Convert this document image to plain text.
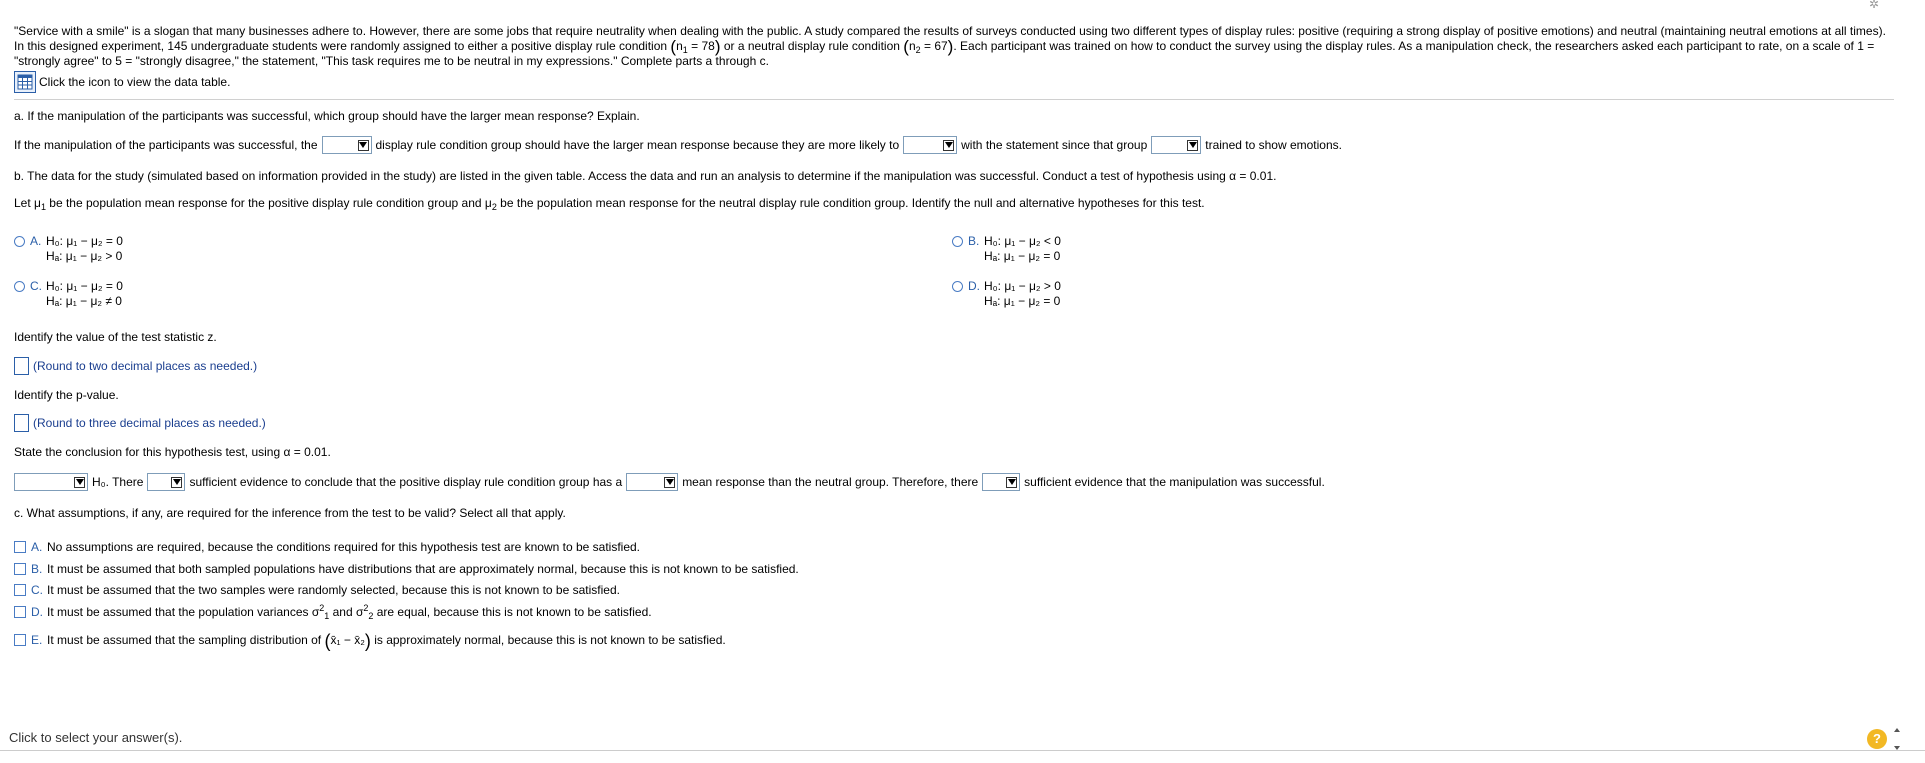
✲

"Service with a smile" is a slogan that many businesses adhere to. However, there are some jobs that require neutrality when dealing with the public. A study compared the results of surveys conducted using two different types of display rules: positive (requiring a strong display of positive emotions) and neutral (maintaining neutral emotions at all times). In this designed experiment, 145 undergraduate students were randomly assigned to either a positive display rule condition $(n_1 = 78)$ or a neutral display rule condition $(n_2 = 67)$. Each participant was trained on how to conduct the survey using the display rules. As a manipulation check, the researchers asked each participant to rate, on a scale of 1 = "strongly agree" to 5 = "strongly disagree," the statement, "This task requires me to be neutral in my expressions." Complete parts a through c.

Click the icon to view the data table.

a. If the manipulation of the participants was successful, which group should have the larger mean response? Explain.

If the manipulation of the participants was successful, the	display rule condition group should have the larger mean response because they are more likely to	with the statement since that group	trained to show emotions.

b. The data for the study (simulated based on information provided in the study) are listed in the given table. Access the data and run an analysis to determine if the manipulation was successful. Conduct a test of hypothesis using α = 0.01.

Let $\mu_1$ be the population mean response for the positive display rule condition group and $\mu_2$ be the population mean response for the neutral display rule condition group. Identify the null and alternative hypotheses for this test.

A. H₀: μ₁ − μ₂ = 0
Hₐ: μ₁ − μ₂ > 0
B. H₀: μ₁ − μ₂ < 0
Hₐ: μ₁ − μ₂ = 0
C. H₀: μ₁ − μ₂ = 0
Hₐ: μ₁ − μ₂ ≠ 0
D. H₀: μ₁ − μ₂ > 0
Hₐ: μ₁ − μ₂ = 0

Identify the value of the test statistic z.

(Round to two decimal places as needed.)

Identify the p-value.

(Round to three decimal places as needed.)

State the conclusion for this hypothesis test, using α = 0.01.

H₀. There	sufficient evidence to conclude that the positive display rule condition group has a	mean response than the neutral group. Therefore, there	sufficient evidence that the manipulation was successful.

c. What assumptions, if any, are required for the inference from the test to be valid? Select all that apply.

A. No assumptions are required, because the conditions required for this hypothesis test are known to be satisfied.
B. It must be assumed that both sampled populations have distributions that are approximately normal, because this is not known to be satisfied.
C. It must be assumed that the two samples were randomly selected, because this is not known to be satisfied.
D. It must be assumed that the population variances $\sigma^2_1$ and $\sigma^2_2$ are equal, because this is not known to be satisfied.
E. It must be assumed that the sampling distribution of (x̄₁ − x̄₂) is approximately normal, because this is not known to be satisfied.
Click to select your answer(s).	?
